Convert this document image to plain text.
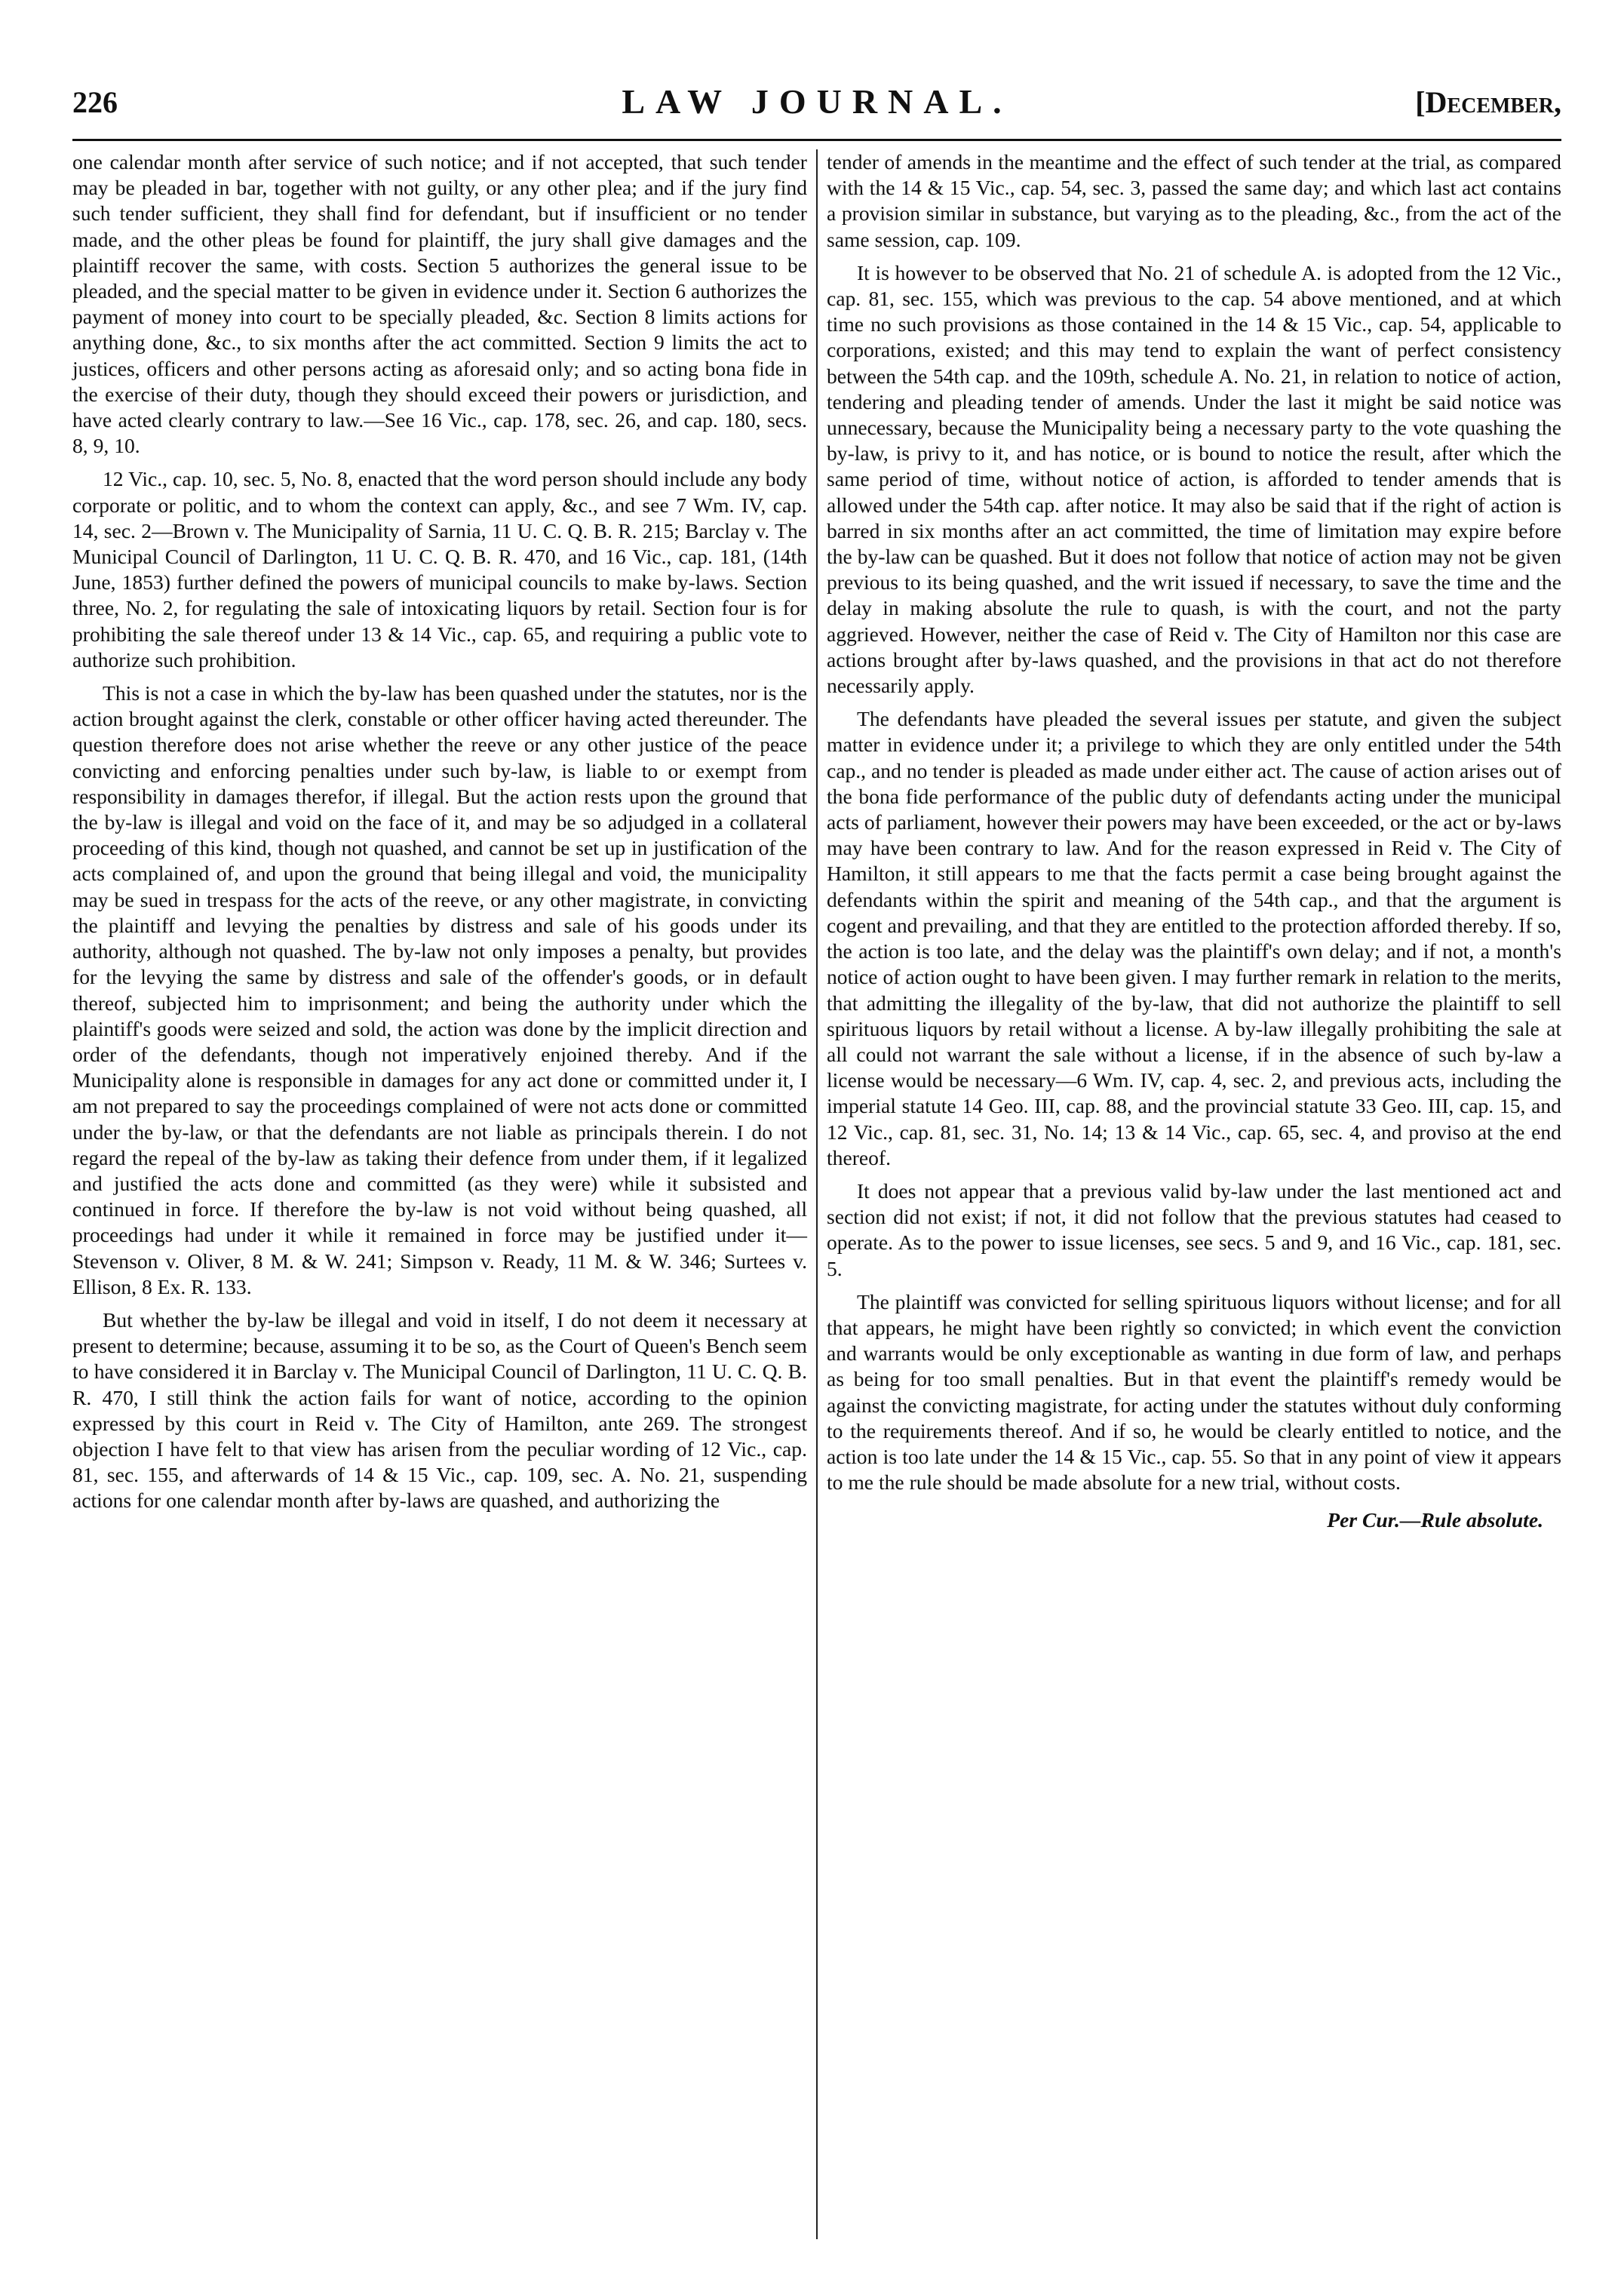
226	LAW JOURNAL.	[December,

one calendar month after service of such notice; and if not accepted, that such tender may be pleaded in bar, together with not guilty, or any other plea; and if the jury find such tender sufficient, they shall find for defendant, but if insufficient or no tender made, and the other pleas be found for plaintiff, the jury shall give damages and the plaintiff recover the same, with costs. Section 5 authorizes the general issue to be pleaded, and the special matter to be given in evidence under it. Section 6 authorizes the payment of money into court to be specially pleaded, &c. Section 8 limits actions for anything done, &c., to six months after the act committed. Section 9 limits the act to justices, officers and other persons acting as aforesaid only; and so acting bona fide in the exercise of their duty, though they should exceed their powers or jurisdiction, and have acted clearly contrary to law.—See 16 Vic., cap. 178, sec. 26, and cap. 180, secs. 8, 9, 10.

12 Vic., cap. 10, sec. 5, No. 8, enacted that the word person should include any body corporate or politic, and to whom the context can apply, &c., and see 7 Wm. IV, cap. 14, sec. 2—Brown v. The Municipality of Sarnia, 11 U. C. Q. B. R. 215; Barclay v. The Municipal Council of Darlington, 11 U. C. Q. B. R. 470, and 16 Vic., cap. 181, (14th June, 1853) further defined the powers of municipal councils to make by-laws. Section three, No. 2, for regulating the sale of intoxicating liquors by retail. Section four is for prohibiting the sale thereof under 13 & 14 Vic., cap. 65, and requiring a public vote to authorize such prohibition.

This is not a case in which the by-law has been quashed under the statutes, nor is the action brought against the clerk, constable or other officer having acted thereunder. The question therefore does not arise whether the reeve or any other justice of the peace convicting and enforcing penalties under such by-law, is liable to or exempt from responsibility in damages therefor, if illegal. But the action rests upon the ground that the by-law is illegal and void on the face of it, and may be so adjudged in a collateral proceeding of this kind, though not quashed, and cannot be set up in justification of the acts complained of, and upon the ground that being illegal and void, the municipality may be sued in trespass for the acts of the reeve, or any other magistrate, in convicting the plaintiff and levying the penalties by distress and sale of his goods under its authority, although not quashed. The by-law not only imposes a penalty, but provides for the levying the same by distress and sale of the offender's goods, or in default thereof, subjected him to imprisonment; and being the authority under which the plaintiff's goods were seized and sold, the action was done by the implicit direction and order of the defendants, though not imperatively enjoined thereby. And if the Municipality alone is responsible in damages for any act done or committed under it, I am not prepared to say the proceedings complained of were not acts done or committed under the by-law, or that the defendants are not liable as principals therein. I do not regard the repeal of the by-law as taking their defence from under them, if it legalized and justified the acts done and committed (as they were) while it subsisted and continued in force. If therefore the by-law is not void without being quashed, all proceedings had under it while it remained in force may be justified under it—Stevenson v. Oliver, 8 M. & W. 241; Simpson v. Ready, 11 M. & W. 346; Surtees v. Ellison, 8 Ex. R. 133.

But whether the by-law be illegal and void in itself, I do not deem it necessary at present to determine; because, assuming it to be so, as the Court of Queen's Bench seem to have considered it in Barclay v. The Municipal Council of Darlington, 11 U. C. Q. B. R. 470, I still think the action fails for want of notice, according to the opinion expressed by this court in Reid v. The City of Hamilton, ante 269. The strongest objection I have felt to that view has arisen from the peculiar wording of 12 Vic., cap. 81, sec. 155, and afterwards of 14 & 15 Vic., cap. 109, sec. A. No. 21, suspending actions for one calendar month after by-laws are quashed, and authorizing the

tender of amends in the meantime and the effect of such tender at the trial, as compared with the 14 & 15 Vic., cap. 54, sec. 3, passed the same day; and which last act contains a provision similar in substance, but varying as to the pleading, &c., from the act of the same session, cap. 109.

It is however to be observed that No. 21 of schedule A. is adopted from the 12 Vic., cap. 81, sec. 155, which was previous to the cap. 54 above mentioned, and at which time no such provisions as those contained in the 14 & 15 Vic., cap. 54, applicable to corporations, existed; and this may tend to explain the want of perfect consistency between the 54th cap. and the 109th, schedule A. No. 21, in relation to notice of action, tendering and pleading tender of amends. Under the last it might be said notice was unnecessary, because the Municipality being a necessary party to the vote quashing the by-law, is privy to it, and has notice, or is bound to notice the result, after which the same period of time, without notice of action, is afforded to tender amends that is allowed under the 54th cap. after notice. It may also be said that if the right of action is barred in six months after an act committed, the time of limitation may expire before the by-law can be quashed. But it does not follow that notice of action may not be given previous to its being quashed, and the writ issued if necessary, to save the time and the delay in making absolute the rule to quash, is with the court, and not the party aggrieved. However, neither the case of Reid v. The City of Hamilton nor this case are actions brought after by-laws quashed, and the provisions in that act do not therefore necessarily apply.

The defendants have pleaded the several issues per statute, and given the subject matter in evidence under it; a privilege to which they are only entitled under the 54th cap., and no tender is pleaded as made under either act. The cause of action arises out of the bona fide performance of the public duty of defendants acting under the municipal acts of parliament, however their powers may have been exceeded, or the act or by-laws may have been contrary to law. And for the reason expressed in Reid v. The City of Hamilton, it still appears to me that the facts permit a case being brought against the defendants within the spirit and meaning of the 54th cap., and that the argument is cogent and prevailing, and that they are entitled to the protection afforded thereby. If so, the action is too late, and the delay was the plaintiff's own delay; and if not, a month's notice of action ought to have been given. I may further remark in relation to the merits, that admitting the illegality of the by-law, that did not authorize the plaintiff to sell spirituous liquors by retail without a license. A by-law illegally prohibiting the sale at all could not warrant the sale without a license, if in the absence of such by-law a license would be necessary—6 Wm. IV, cap. 4, sec. 2, and previous acts, including the imperial statute 14 Geo. III, cap. 88, and the provincial statute 33 Geo. III, cap. 15, and 12 Vic., cap. 81, sec. 31, No. 14; 13 & 14 Vic., cap. 65, sec. 4, and proviso at the end thereof.

It does not appear that a previous valid by-law under the last mentioned act and section did not exist; if not, it did not follow that the previous statutes had ceased to operate. As to the power to issue licenses, see secs. 5 and 9, and 16 Vic., cap. 181, sec. 5.

The plaintiff was convicted for selling spirituous liquors without license; and for all that appears, he might have been rightly so convicted; in which event the conviction and warrants would be only exceptionable as wanting in due form of law, and perhaps as being for too small penalties. But in that event the plaintiff's remedy would be against the convicting magistrate, for acting under the statutes without duly conforming to the requirements thereof. And if so, he would be clearly entitled to notice, and the action is too late under the 14 & 15 Vic., cap. 55. So that in any point of view it appears to me the rule should be made absolute for a new trial, without costs.

Per Cur.—Rule absolute.
